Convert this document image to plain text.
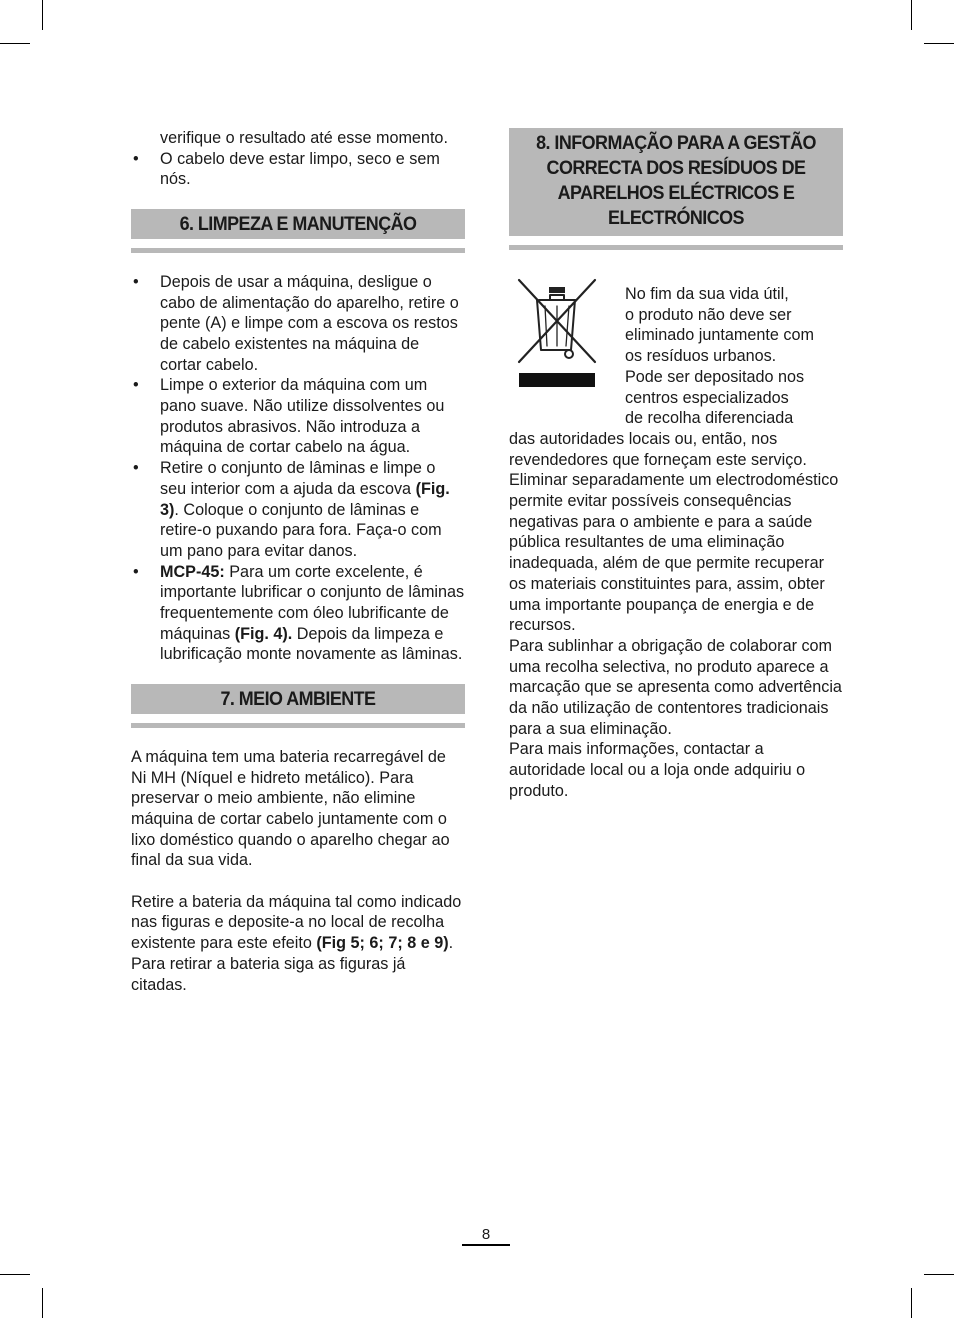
verifique o resultado até esse momento.
• O cabelo deve estar limpo, seco e sem nós.
6. LIMPEZA E MANUTENÇÃO
• Depois de usar a máquina, desligue o cabo de alimentação do aparelho, retire o pente (A) e limpe com a escova os restos de cabelo existentes na máquina de cortar cabelo.
• Limpe o exterior da máquina com um pano suave. Não utilize dissolventes ou produtos abrasivos. Não introduza a máquina de cortar cabelo na água.
• Retire o conjunto de lâminas e limpe o seu interior com a ajuda da escova (Fig. 3). Coloque o conjunto de lâminas e retire-o puxando para fora. Faça-o com um pano para evitar danos.
• MCP-45: Para um corte excelente, é importante lubrificar o conjunto de lâminas frequentemente com óleo lubrificante de máquinas (Fig. 4). Depois da limpeza e lubrificação monte novamente as lâminas.
7. MEIO AMBIENTE

A máquina tem uma bateria recarregável de Ni MH (Níquel e hidreto metálico). Para preservar o meio ambiente, não elimine máquina de cortar cabelo juntamente com o lixo doméstico quando o aparelho chegar ao final da sua vida.

Retire a bateria da máquina tal como indicado nas figuras e deposite-a no local de recolha existente para este efeito (Fig 5; 6; 7; 8 e 9). Para retirar a bateria siga as figuras já citadas.

8. INFORMAÇÃO PARA A GESTÃO CORRECTA DOS RESÍDUOS DE APARELHOS ELÉCTRICOS E ELECTRÓNICOS
No fim da sua vida útil,
o produto não deve ser
eliminado juntamente com
os resíduos urbanos.
Pode ser depositado nos
centros especializados
de recolha diferenciada

das autoridades locais ou, então, nos revendedores que forneçam este serviço. Eliminar separadamente um electrodoméstico permite evitar possíveis consequências negativas para o ambiente e para a saúde pública resultantes de uma eliminação inadequada, além de que permite recuperar os materiais constituintes para, assim, obter uma importante poupança de energia e de recursos.

Para sublinhar a obrigação de colaborar com uma recolha selectiva, no produto aparece a marcação que se apresenta como advertência da não utilização de contentores tradicionais para a sua eliminação.

Para mais informações, contactar a autoridade local ou a loja onde adquiriu o produto.

8
